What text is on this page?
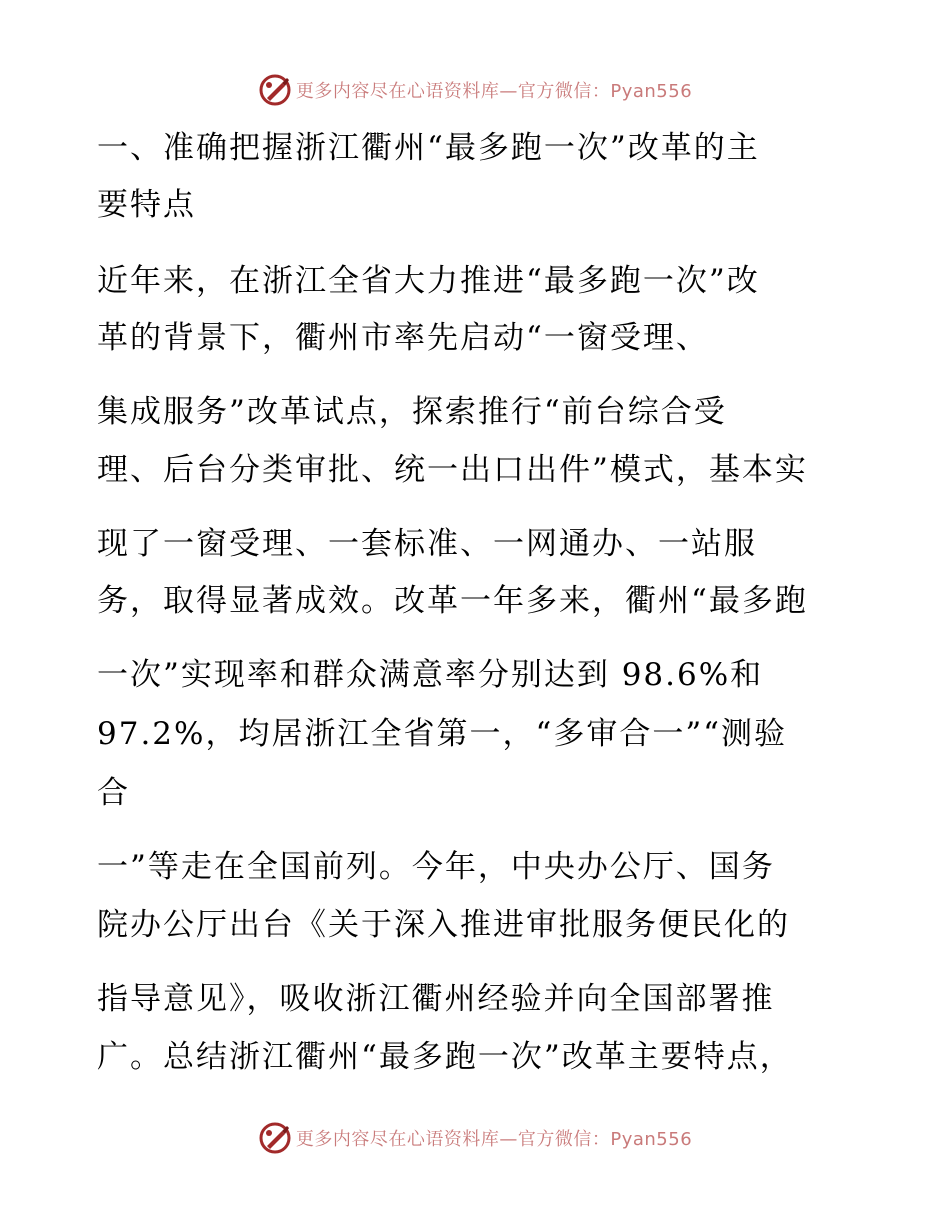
更多内容尽在心语资料库—官方微信：Pyan556
一、准确把握浙江衢州“最多跑一次”改革的主
要特点
近年来，在浙江全省大力推进“最多跑一次”改
革的背景下，衢州市率先启动“一窗受理、
集成服务”改革试点，探索推行“前台综合受
理、后台分类审批、统一出口出件”模式，基本实
现了一窗受理、一套标准、一网通办、一站服
务，取得显著成效。改革一年多来，衢州“最多跑
一次”实现率和群众满意率分别达到 98.6%和
97.2%，均居浙江全省第一，“多审合一”“测验
合
一”等走在全国前列。今年，中央办公厅、国务
院办公厅出台《关于深入推进审批服务便民化的
指导意见》，吸收浙江衢州经验并向全国部署推
广。总结浙江衢州“最多跑一次”改革主要特点，
更多内容尽在心语资料库—官方微信：Pyan556
